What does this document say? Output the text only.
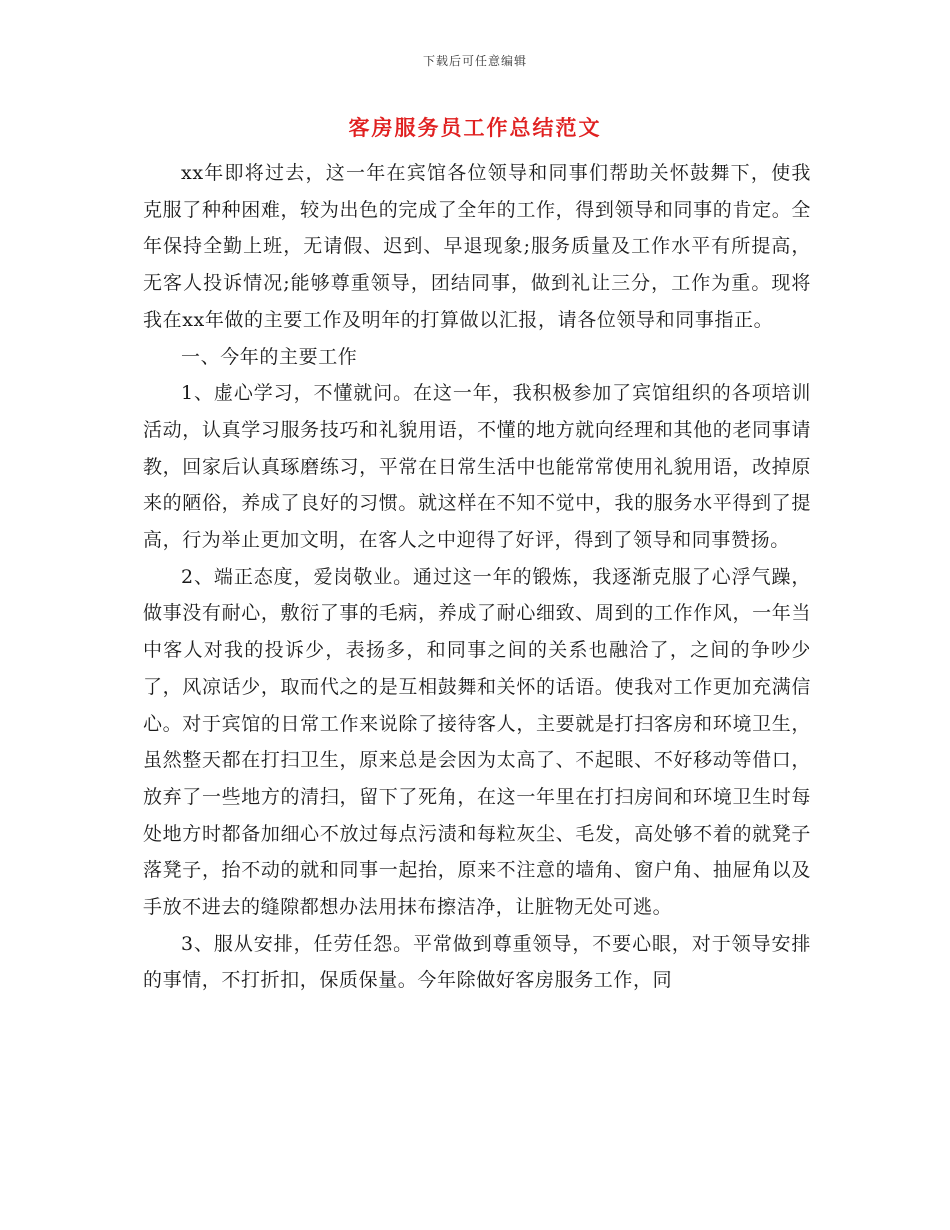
下载后可任意编辑
客房服务员工作总结范文

xx年即将过去，这一年在宾馆各位领导和同事们帮助关怀鼓舞下，使我克服了种种困难，较为出色的完成了全年的工作，得到领导和同事的肯定。全年保持全勤上班，无请假、迟到、早退现象;服务质量及工作水平有所提高，无客人投诉情况;能够尊重领导，团结同事，做到礼让三分，工作为重。现将我在xx年做的主要工作及明年的打算做以汇报，请各位领导和同事指正。

一、今年的主要工作

1、虚心学习，不懂就问。在这一年，我积极参加了宾馆组织的各项培训活动，认真学习服务技巧和礼貌用语，不懂的地方就向经理和其他的老同事请教，回家后认真琢磨练习，平常在日常生活中也能常常使用礼貌用语，改掉原来的陋俗，养成了良好的习惯。就这样在不知不觉中，我的服务水平得到了提高，行为举止更加文明，在客人之中迎得了好评，得到了领导和同事赞扬。

2、端正态度，爱岗敬业。通过这一年的锻炼，我逐渐克服了心浮气躁，做事没有耐心，敷衍了事的毛病，养成了耐心细致、周到的工作作风，一年当中客人对我的投诉少，表扬多，和同事之间的关系也融洽了，之间的争吵少了，风凉话少，取而代之的是互相鼓舞和关怀的话语。使我对工作更加充满信心。对于宾馆的日常工作来说除了接待客人，主要就是打扫客房和环境卫生，虽然整天都在打扫卫生，原来总是会因为太高了、不起眼、不好移动等借口，放弃了一些地方的清扫，留下了死角，在这一年里在打扫房间和环境卫生时每处地方时都备加细心不放过每点污渍和每粒灰尘、毛发，高处够不着的就凳子落凳子，抬不动的就和同事一起抬，原来不注意的墙角、窗户角、抽屉角以及手放不进去的缝隙都想办法用抹布擦洁净，让脏物无处可逃。

3、服从安排，任劳任怨。平常做到尊重领导，不要心眼，对于领导安排的事情，不打折扣，保质保量。今年除做好客房服务工作，同
